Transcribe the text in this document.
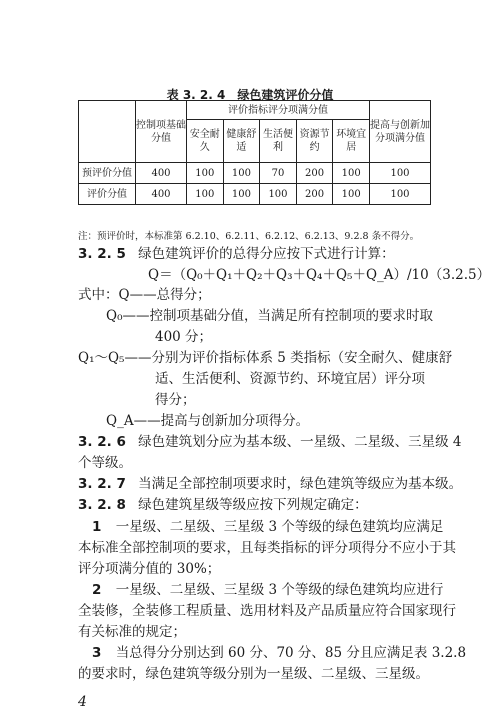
表 3. 2. 4　绿色建筑评价分值
	控制项基础分值	评价指标评分项满分值					提高与创新加分项满分值
		安全耐久	健康舒适	生活便利	资源节约	环境宜居	
预评价分值	400	100	100	70	200	100	100
评价分值	400	100	100	100	200	100	100
注：预评价时，本标准第 6.2.10、6.2.11、6.2.12、6.2.13、9.2.8 条不得分。
3. 2. 5 绿色建筑评价的总得分应按下式进行计算：
Q＝（Q₀＋Q₁＋Q₂＋Q₃＋Q₄＋Q₅＋Q_A）/10（3.2.5）
式中：Q——总得分；
Q₀——控制项基础分值，当满足所有控制项的要求时取
400 分；
Q₁～Q₅——分别为评价指标体系 5 类指标（安全耐久、健康舒
适、生活便利、资源节约、环境宜居）评分项
得分；
Q_A——提高与创新加分项得分。
3. 2. 6 绿色建筑划分应为基本级、一星级、二星级、三星级 4
个等级。
3. 2. 7 当满足全部控制项要求时，绿色建筑等级应为基本级。
3. 2. 8 绿色建筑星级等级应按下列规定确定：
1 一星级、二星级、三星级 3 个等级的绿色建筑均应满足
本标准全部控制项的要求，且每类指标的评分项得分不应小于其
评分项满分值的 30%；
2 一星级、二星级、三星级 3 个等级的绿色建筑均应进行
全装修，全装修工程质量、选用材料及产品质量应符合国家现行
有关标准的规定；
3 当总得分分别达到 60 分、70 分、85 分且应满足表 3.2.8
的要求时，绿色建筑等级分别为一星级、二星级、三星级。
4
